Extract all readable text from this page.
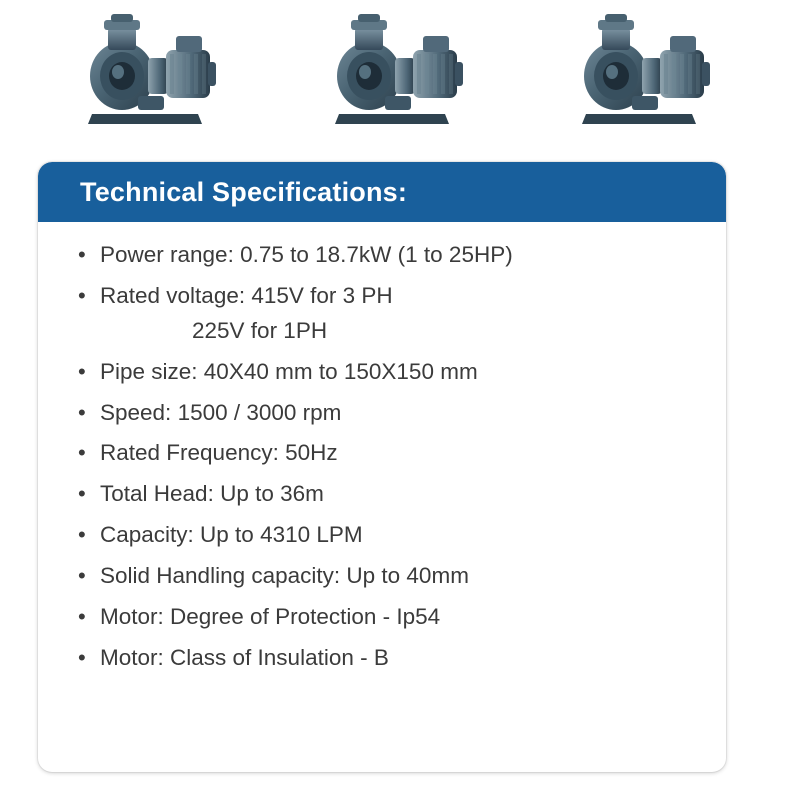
Technical Specifications:
• Power range: 0.75 to 18.7kW (1 to 25HP)
• Rated voltage: 415V for 3 PH
225V for 1PH
• Pipe size: 40X40 mm to 150X150 mm
• Speed: 1500 / 3000 rpm
• Rated Frequency: 50Hz
• Total Head: Up to 36m
• Capacity: Up to 4310 LPM
• Solid Handling capacity: Up to 40mm
• Motor: Degree of Protection - Ip54
• Motor: Class of Insulation - B
